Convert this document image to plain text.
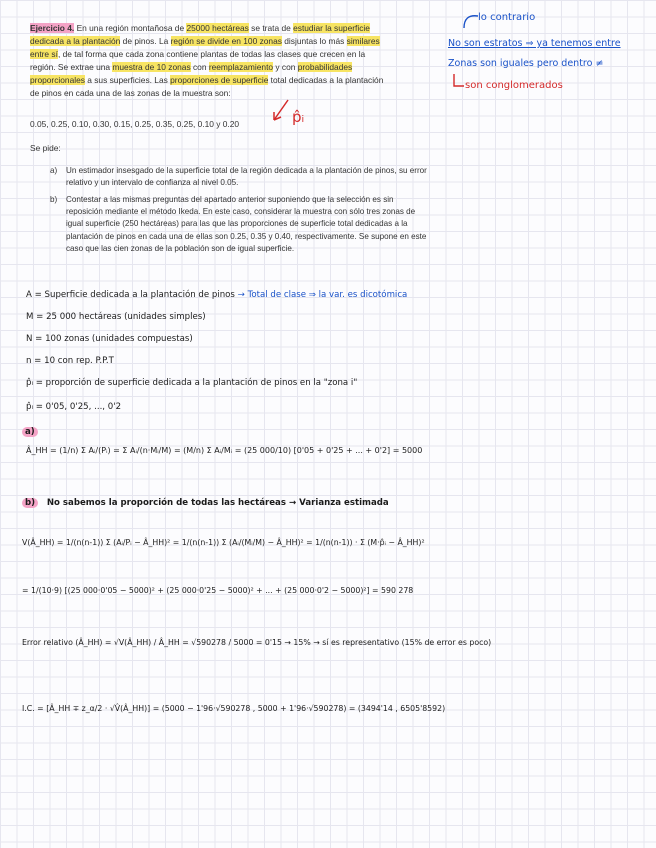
Ejercicio 4. En una región montañosa de 25000 hectáreas se trata de estudiar la superficie
dedicada a la plantación de pinos. La región se divide en 100 zonas disjuntas lo más similares
entre sí, de tal forma que cada zona contiene plantas de todas las clases que crecen en la
región. Se extrae una muestra de 10 zonas con reemplazamiento y con probabilidades
proporcionales a sus superficies. Las proporciones de superficie total dedicadas a la plantación
de pinos en cada una de las zonas de la muestra son:
0.05, 0.25, 0.10, 0.30, 0.15, 0.25, 0.35, 0.25, 0.10 y 0.20
Se pide:
a) Un estimador insesgado de la superficie total de la región dedicada a la plantación de pinos, su error relativo y un intervalo de confianza al nivel 0.05.
b) Contestar a las mismas preguntas del apartado anterior suponiendo que la selección es sin reposición mediante el método Ikeda. En este caso, considerar la muestra con sólo tres zonas de igual superficie (250 hectáreas) para las que las proporciones de superficie total dedicadas a la plantación de pinos en cada una de ellas son 0.25, 0.35 y 0.40, respectivamente. Se supone en este caso que las cien zonas de la población son de igual superficie.
lo contrario
No son estratos ⇒ ya tenemos entre
Zonas son iguales pero dentro ≠
son conglomerados
p̂ᵢ
A = Superficie dedicada a la plantación de pinos → Total de clase ⇒ la var. es dicotómica
M = 25 000 hectáreas (unidades simples)
N = 100 zonas (unidades compuestas)
n = 10 con rep. P.P.T
p̂ᵢ = proporción de superficie dedicada a la plantación de pinos en la "zona i"
p̂ᵢ = 0'05, 0'25, ..., 0'2
a)
Â_HH = (1/n) Σ Aᵢ/(Pᵢ) = Σ Aᵢ/(n·Mᵢ/M) = (M/n) Σ Aᵢ/Mᵢ = (25 000/10) [0'05 + 0'25 + ... + 0'2] = 5000
b) No sabemos la proporción de todas las hectáreas → Varianza estimada
V(Â_HH) = 1/(n(n-1)) Σ (Aᵢ/Pᵢ − Â_HH)² = 1/(n(n-1)) Σ (Aᵢ/(Mᵢ/M) − Â_HH)² = 1/(n(n-1)) · Σ (M·p̂ᵢ − Â_HH)²
= 1/(10·9) [(25 000·0'05 − 5000)² + (25 000·0'25 − 5000)² + ... + (25 000·0'2 − 5000)²] = 590 278
Error relativo (Â_HH) = √V(Â_HH) / Â_HH = √590278 / 5000 = 0'15 → 15% → sí es representativo (15% de error es poco)
I.C. = [Â_HH ∓ z_α/2 · √V̂(Â_HH)] = (5000 − 1'96·√590278 , 5000 + 1'96·√590278) = (3494'14 , 6505'8592)
